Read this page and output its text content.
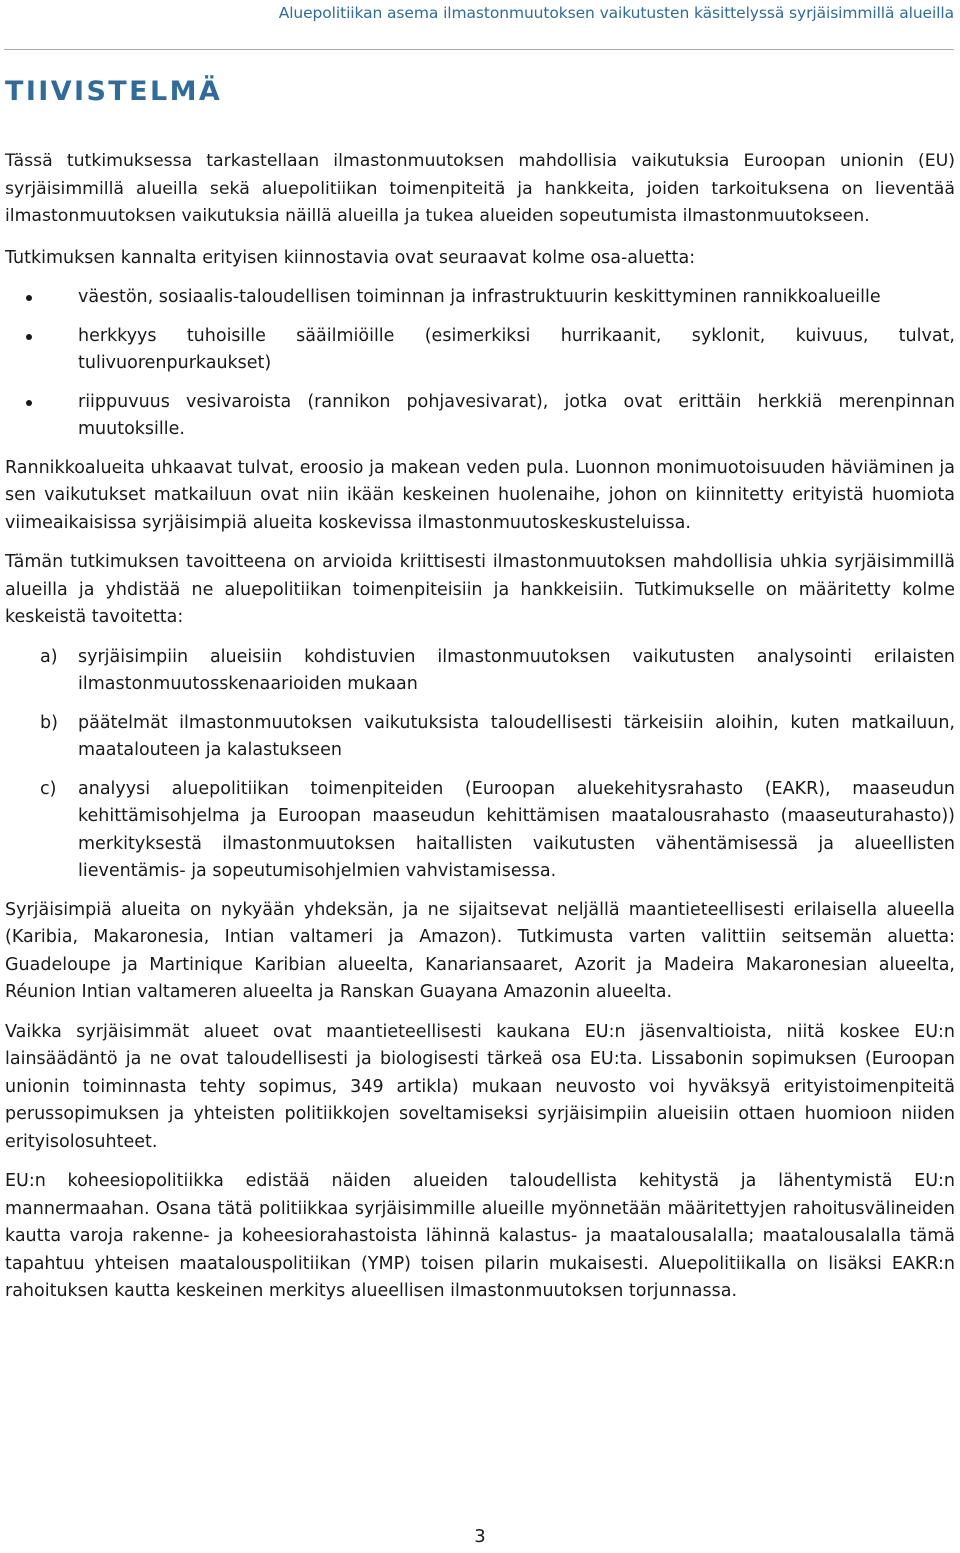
Aluepolitiikan asema ilmastonmuutoksen vaikutusten käsittelyssä syrjäisimmillä alueilla
TIIVISTELMÄ

Tässä tutkimuksessa tarkastellaan ilmastonmuutoksen mahdollisia vaikutuksia Euroopan unionin (EU) syrjäisimmillä alueilla sekä aluepolitiikan toimenpiteitä ja hankkeita, joiden tarkoituksena on lieventää ilmastonmuutoksen vaikutuksia näillä alueilla ja tukea alueiden sopeutumista ilmastonmuutokseen.

Tutkimuksen kannalta erityisen kiinnostavia ovat seuraavat kolme osa-aluetta:

väestön, sosiaalis-taloudellisen toiminnan ja infrastruktuurin keskittyminen rannikkoalueille
herkkyys tuhoisille sääilmiöille (esimerkiksi hurrikaanit, syklonit, kuivuus, tulvat, tulivuorenpurkaukset)
riippuvuus vesivaroista (rannikon pohjavesivarat), jotka ovat erittäin herkkiä merenpinnan muutoksille.

Rannikkoalueita uhkaavat tulvat, eroosio ja makean veden pula. Luonnon monimuotoisuuden häviäminen ja sen vaikutukset matkailuun ovat niin ikään keskeinen huolenaihe, johon on kiinnitetty erityistä huomiota viimeaikaisissa syrjäisimpiä alueita koskevissa ilmastonmuutoskeskusteluissa.

Tämän tutkimuksen tavoitteena on arvioida kriittisesti ilmastonmuutoksen mahdollisia uhkia syrjäisimmillä alueilla ja yhdistää ne aluepolitiikan toimenpiteisiin ja hankkeisiin. Tutkimukselle on määritetty kolme keskeistä tavoitetta:

a) syrjäisimpiin alueisiin kohdistuvien ilmastonmuutoksen vaikutusten analysointi erilaisten ilmastonmuutosskenaarioiden mukaan
b) päätelmät ilmastonmuutoksen vaikutuksista taloudellisesti tärkeisiin aloihin, kuten matkailuun, maatalouteen ja kalastukseen
c) analyysi aluepolitiikan toimenpiteiden (Euroopan aluekehitysrahasto (EAKR), maaseudun kehittämisohjelma ja Euroopan maaseudun kehittämisen maatalousrahasto (maaseuturahasto)) merkityksestä ilmastonmuutoksen haitallisten vaikutusten vähentämisessä ja alueellisten lieventämis- ja sopeutumisohjelmien vahvistamisessa.

Syrjäisimpiä alueita on nykyään yhdeksän, ja ne sijaitsevat neljällä maantieteellisesti erilaisella alueella (Karibia, Makaronesia, Intian valtameri ja Amazon). Tutkimusta varten valittiin seitsemän aluetta: Guadeloupe ja Martinique Karibian alueelta, Kanariansaaret, Azorit ja Madeira Makaronesian alueelta, Réunion Intian valtameren alueelta ja Ranskan Guayana Amazonin alueelta.

Vaikka syrjäisimmät alueet ovat maantieteellisesti kaukana EU:n jäsenvaltioista, niitä koskee EU:n lainsäädäntö ja ne ovat taloudellisesti ja biologisesti tärkeä osa EU:ta. Lissabonin sopimuksen (Euroopan unionin toiminnasta tehty sopimus, 349 artikla) mukaan neuvosto voi hyväksyä erityistoimenpiteitä perussopimuksen ja yhteisten politiikkojen soveltamiseksi syrjäisimpiin alueisiin ottaen huomioon niiden erityisolosuhteet.

EU:n koheesiopolitiikka edistää näiden alueiden taloudellista kehitystä ja lähentymistä EU:n mannermaahan. Osana tätä politiikkaa syrjäisimmille alueille myönnetään määritettyjen rahoitusvälineiden kautta varoja rakenne- ja koheesiorahastoista lähinnä kalastus- ja maatalousalalla; maatalousalalla tämä tapahtuu yhteisen maatalouspolitiikan (YMP) toisen pilarin mukaisesti. Aluepolitiikalla on lisäksi EAKR:n rahoituksen kautta keskeinen merkitys alueellisen ilmastonmuutoksen torjunnassa.

3
